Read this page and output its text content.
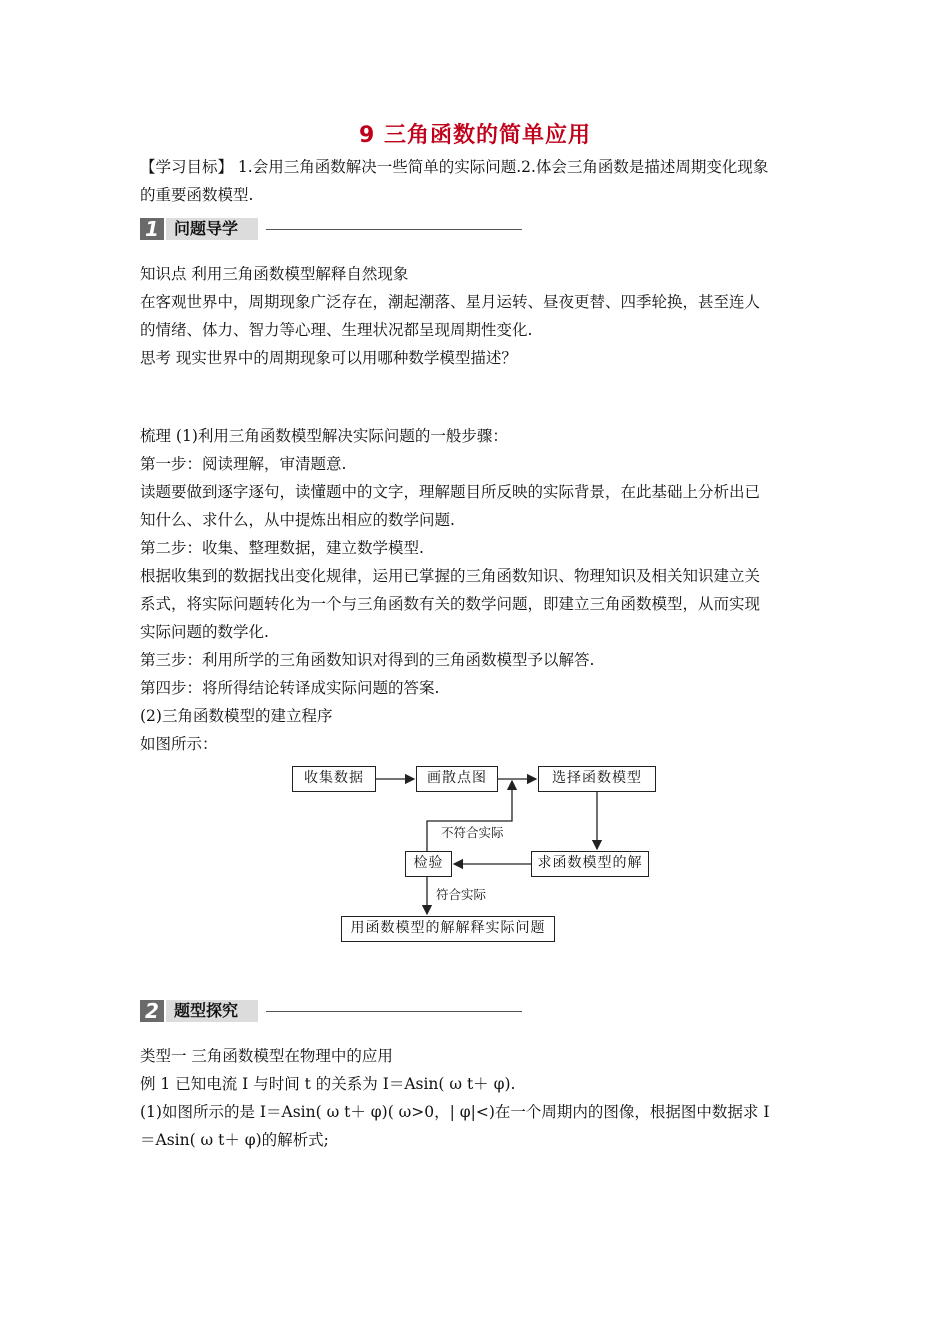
9 三角函数的简单应用
【学习目标】 1.会用三角函数解决一些简单的实际问题.2.体会三角函数是描述周期变化现象
的重要函数模型.
1 问题导学
知识点 利用三角函数模型解释自然现象
在客观世界中，周期现象广泛存在，潮起潮落、星月运转、昼夜更替、四季轮换，甚至连人
的情绪、体力、智力等心理、生理状况都呈现周期性变化.
思考 现实世界中的周期现象可以用哪种数学模型描述？
梳理 (1)利用三角函数模型解决实际问题的一般步骤：
第一步：阅读理解，审清题意.
读题要做到逐字逐句，读懂题中的文字，理解题目所反映的实际背景，在此基础上分析出已
知什么、求什么，从中提炼出相应的数学问题.
第二步：收集、整理数据，建立数学模型.
根据收集到的数据找出变化规律，运用已掌握的三角函数知识、物理知识及相关知识建立关
系式，将实际问题转化为一个与三角函数有关的数学问题，即建立三角函数模型，从而实现
实际问题的数学化.
第三步：利用所学的三角函数知识对得到的三角函数模型予以解答.
第四步：将所得结论转译成实际问题的答案.
(2)三角函数模型的建立程序
如图所示：
收集数据	画散点图	选择函数模型
求函数模型的解
检验
用函数模型的解解释实际问题
不符合实际
符合实际
2 题型探究
类型一 三角函数模型在物理中的应用
例 1 已知电流 I 与时间 t 的关系为 I＝Asin( ω t＋ φ).
(1)如图所示的是 I＝Asin( ω t＋ φ)( ω>0，| φ|<)在一个周期内的图像，根据图中数据求 I
＝Asin( ω t＋ φ)的解析式;
